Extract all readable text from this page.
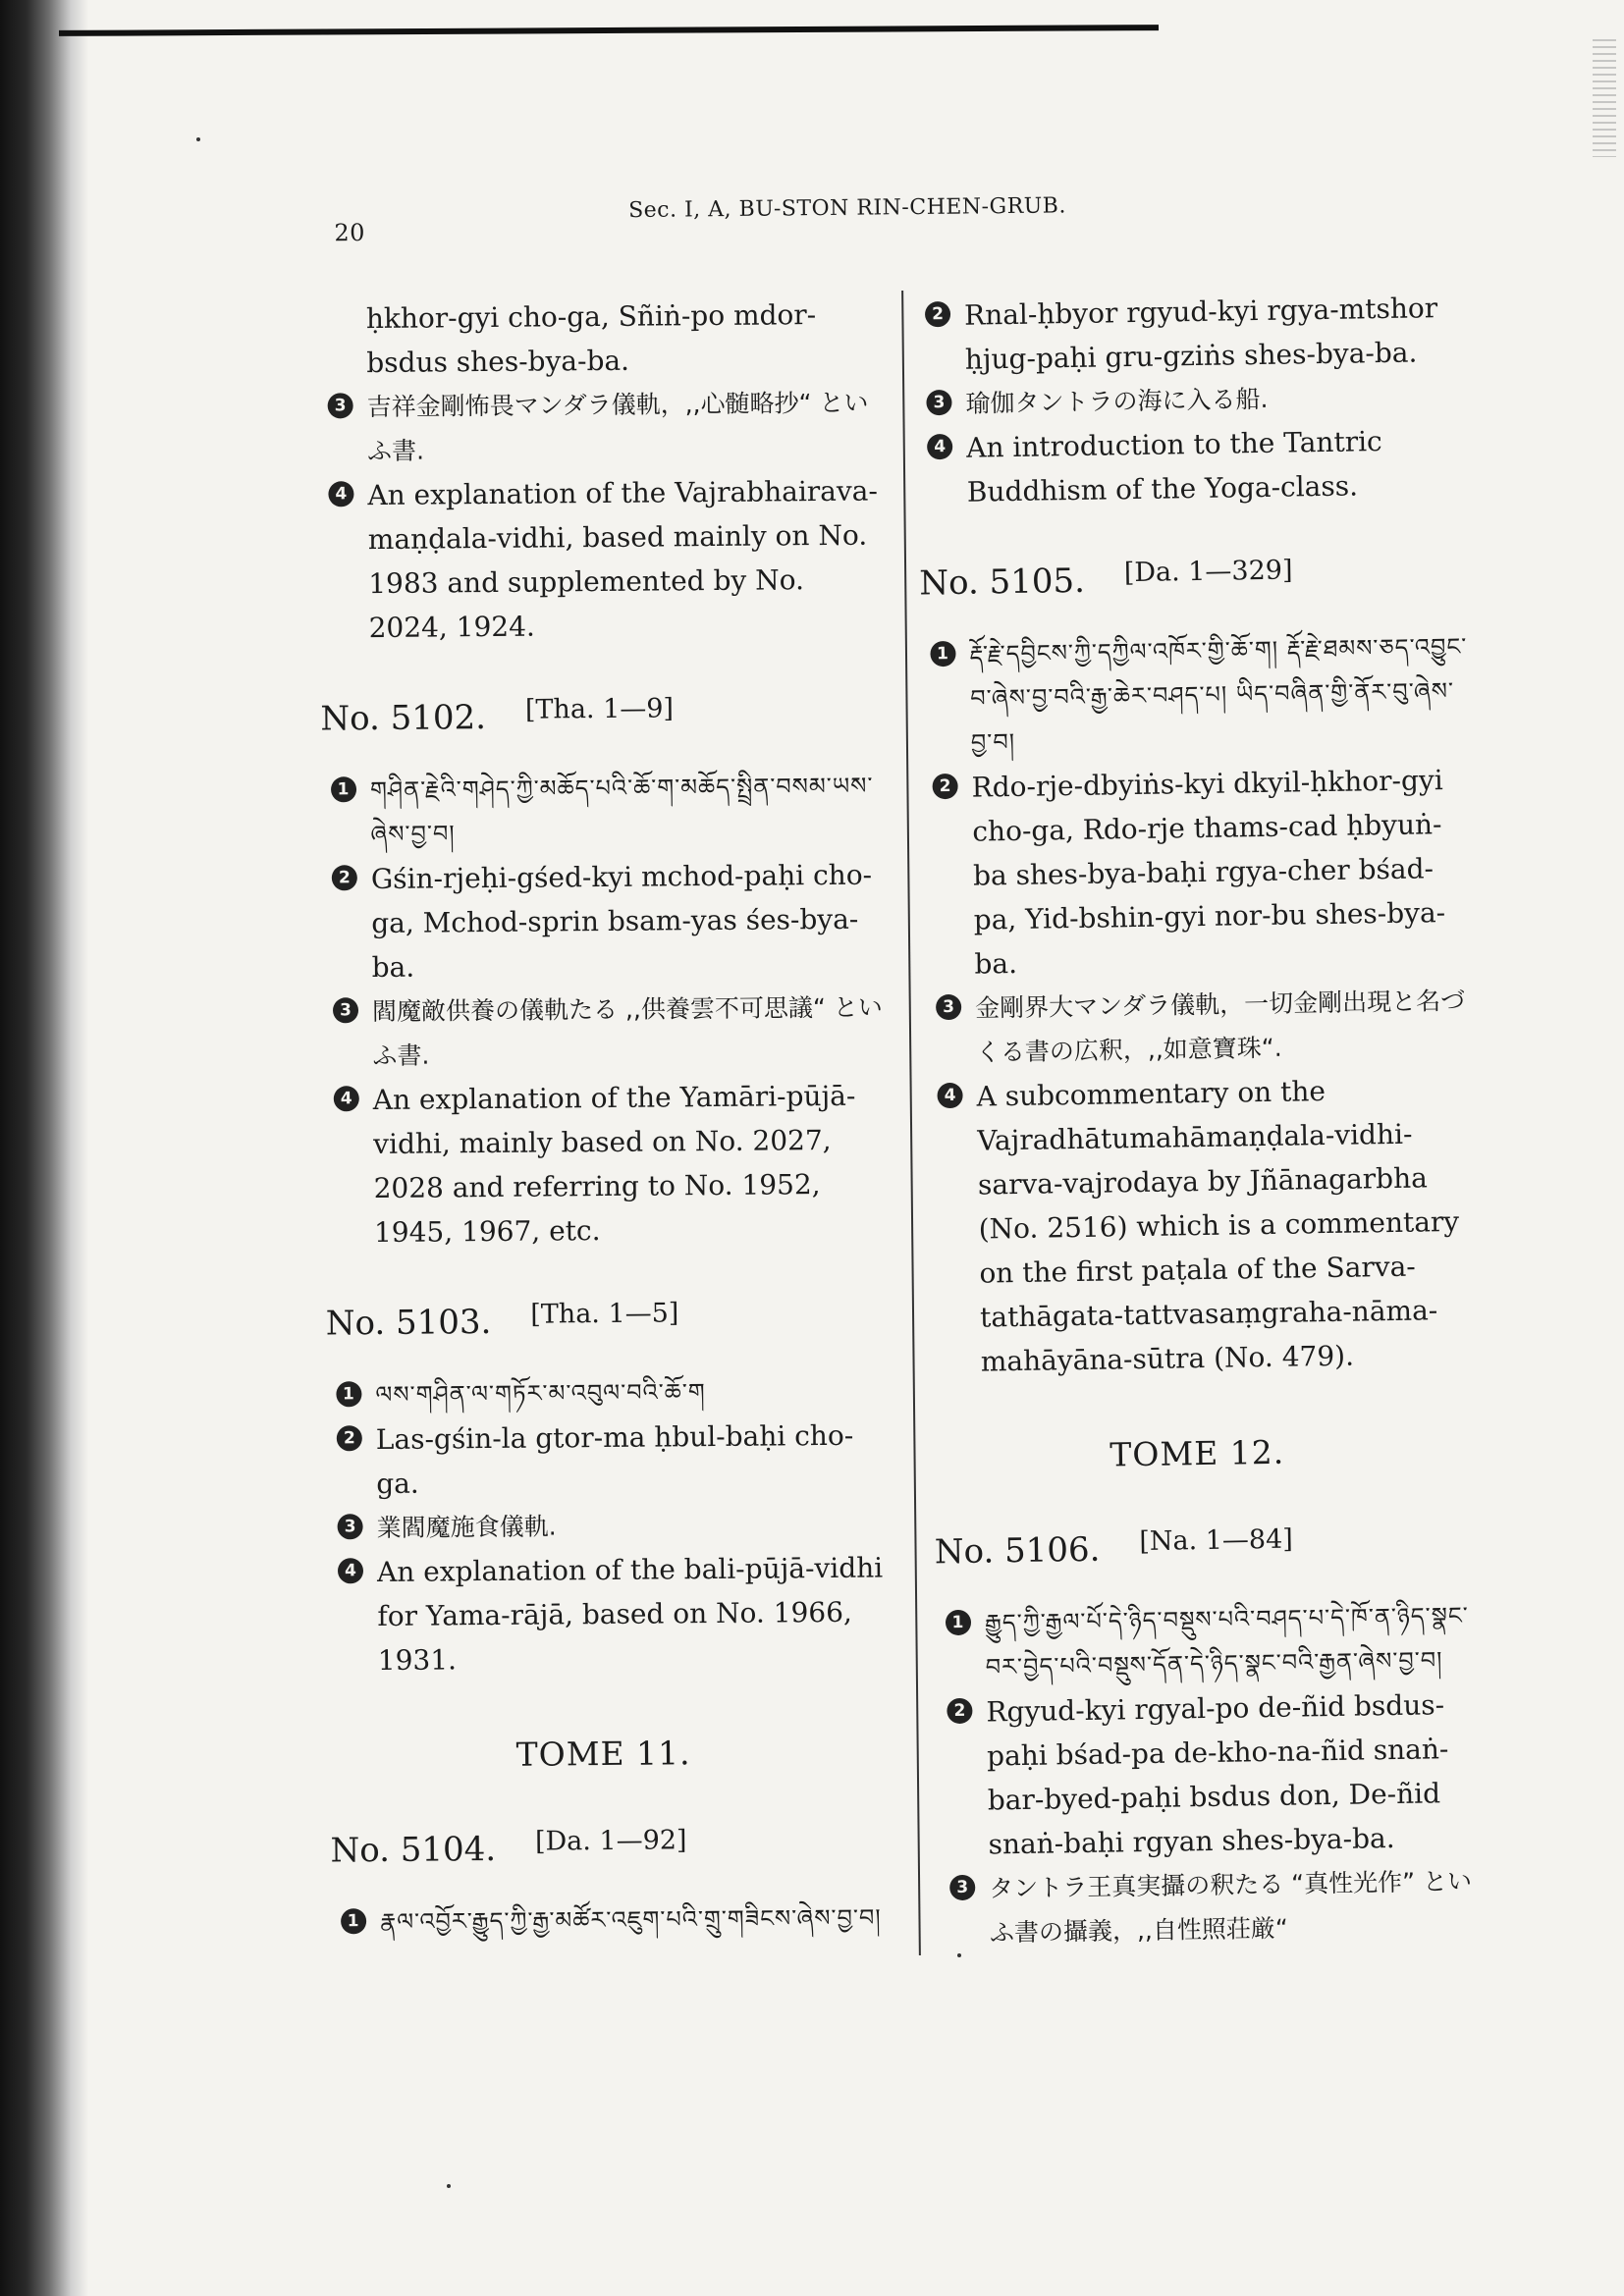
20
Sec. I, A, BU-STON RIN-CHEN-GRUB.

ḥkhor-gyi cho-ga, Sñiṅ-po mdor-bsdus shes-bya-ba.

3 吉祥金剛怖畏マンダラ儀軌，,,心髄略抄“ といふ書.

4 An explanation of the Vajrabhairava-maṇḍala-vidhi, based mainly on No. 1983 and supplemented by No. 2024, 1924.

No. 5102. [Tha. 1—9]

1 གཤིན་རྗེའི་གཤེད་ཀྱི་མཆོད་པའི་ཆོ་ག་མཆོད་སྤྲིན་བསམ་ཡས་ཞེས་བྱ་བ།

2 Gśin-rjeḥi-gśed-kyi mchod-paḥi cho-ga, Mchod-sprin bsam-yas śes-bya-ba.

3 閻魔敵供養の儀軌たる ,,供養雲不可思議“ といふ書.

4 An explanation of the Yamāri-pūjā-vidhi, mainly based on No. 2027, 2028 and referring to No. 1952, 1945, 1967, etc.

No. 5103. [Tha. 1—5]

1 ལས་གཤིན་ལ་གཏོར་མ་འབུལ་བའི་ཆོ་ག

2 Las-gśin-la gtor-ma ḥbul-baḥi cho-ga.

3 業閻魔施食儀軌.

4 An explanation of the bali-pūjā-vidhi for Yama-rājā, based on No. 1966, 1931.

TOME 11.
No. 5104. [Da. 1—92]

1 རྣལ་འབྱོར་རྒྱུད་ཀྱི་རྒྱ་མཚོར་འཇུག་པའི་གྲུ་གཟིངས་ཞེས་བྱ་བ།

2 Rnal-ḥbyor rgyud-kyi rgya-mtshor ḥjug-paḥi gru-gziṅs shes-bya-ba.

3 瑜伽タントラの海に入る船.

4 An introduction to the Tantric Buddhism of the Yoga-class.

No. 5105. [Da. 1—329]

1 རྡོ་རྗེ་དབྱིངས་ཀྱི་དཀྱིལ་འཁོར་གྱི་ཆོ་ག། རྡོ་རྗེ་ཐམས་ཅད་འབྱུང་བ་ཞེས་བྱ་བའི་རྒྱ་ཆེར་བཤད་པ། ཡིད་བཞིན་གྱི་ནོར་བུ་ཞེས་བྱ་བ།

2 Rdo-rje-dbyiṅs-kyi dkyil-ḥkhor-gyi cho-ga, Rdo-rje thams-cad ḥbyuṅ-ba shes-bya-baḥi rgya-cher bśad-pa, Yid-bshin-gyi nor-bu shes-bya-ba.

3 金剛界大マンダラ儀軌，一切金剛出現と名づくる書の広釈，,,如意寶珠“.

4 A subcommentary on the Vajradhātumahāmaṇḍala-vidhi-sarva-vajrodaya by Jñānagarbha (No. 2516) which is a commentary on the first paṭala of the Sarva-tathāgata-tattvasaṃgraha-nāma-mahāyāna-sūtra (No. 479).

TOME 12.
No. 5106. [Na. 1—84]

1 རྒྱུད་ཀྱི་རྒྱལ་པོ་དེ་ཉིད་བསྡུས་པའི་བཤད་པ་དེ་ཁོ་ན་ཉིད་སྣང་བར་བྱེད་པའི་བསྡུས་དོན་དེ་ཉིད་སྣང་བའི་རྒྱན་ཞེས་བྱ་བ།

2 Rgyud-kyi rgyal-po de-ñid bsdus-paḥi bśad-pa de-kho-na-ñid snaṅ-bar-byed-paḥi bsdus don, De-ñid snaṅ-baḥi rgyan shes-bya-ba.

3 タントラ王真実攝の釈たる “真性光作” といふ書の攝義，,,自性照荘厳“
